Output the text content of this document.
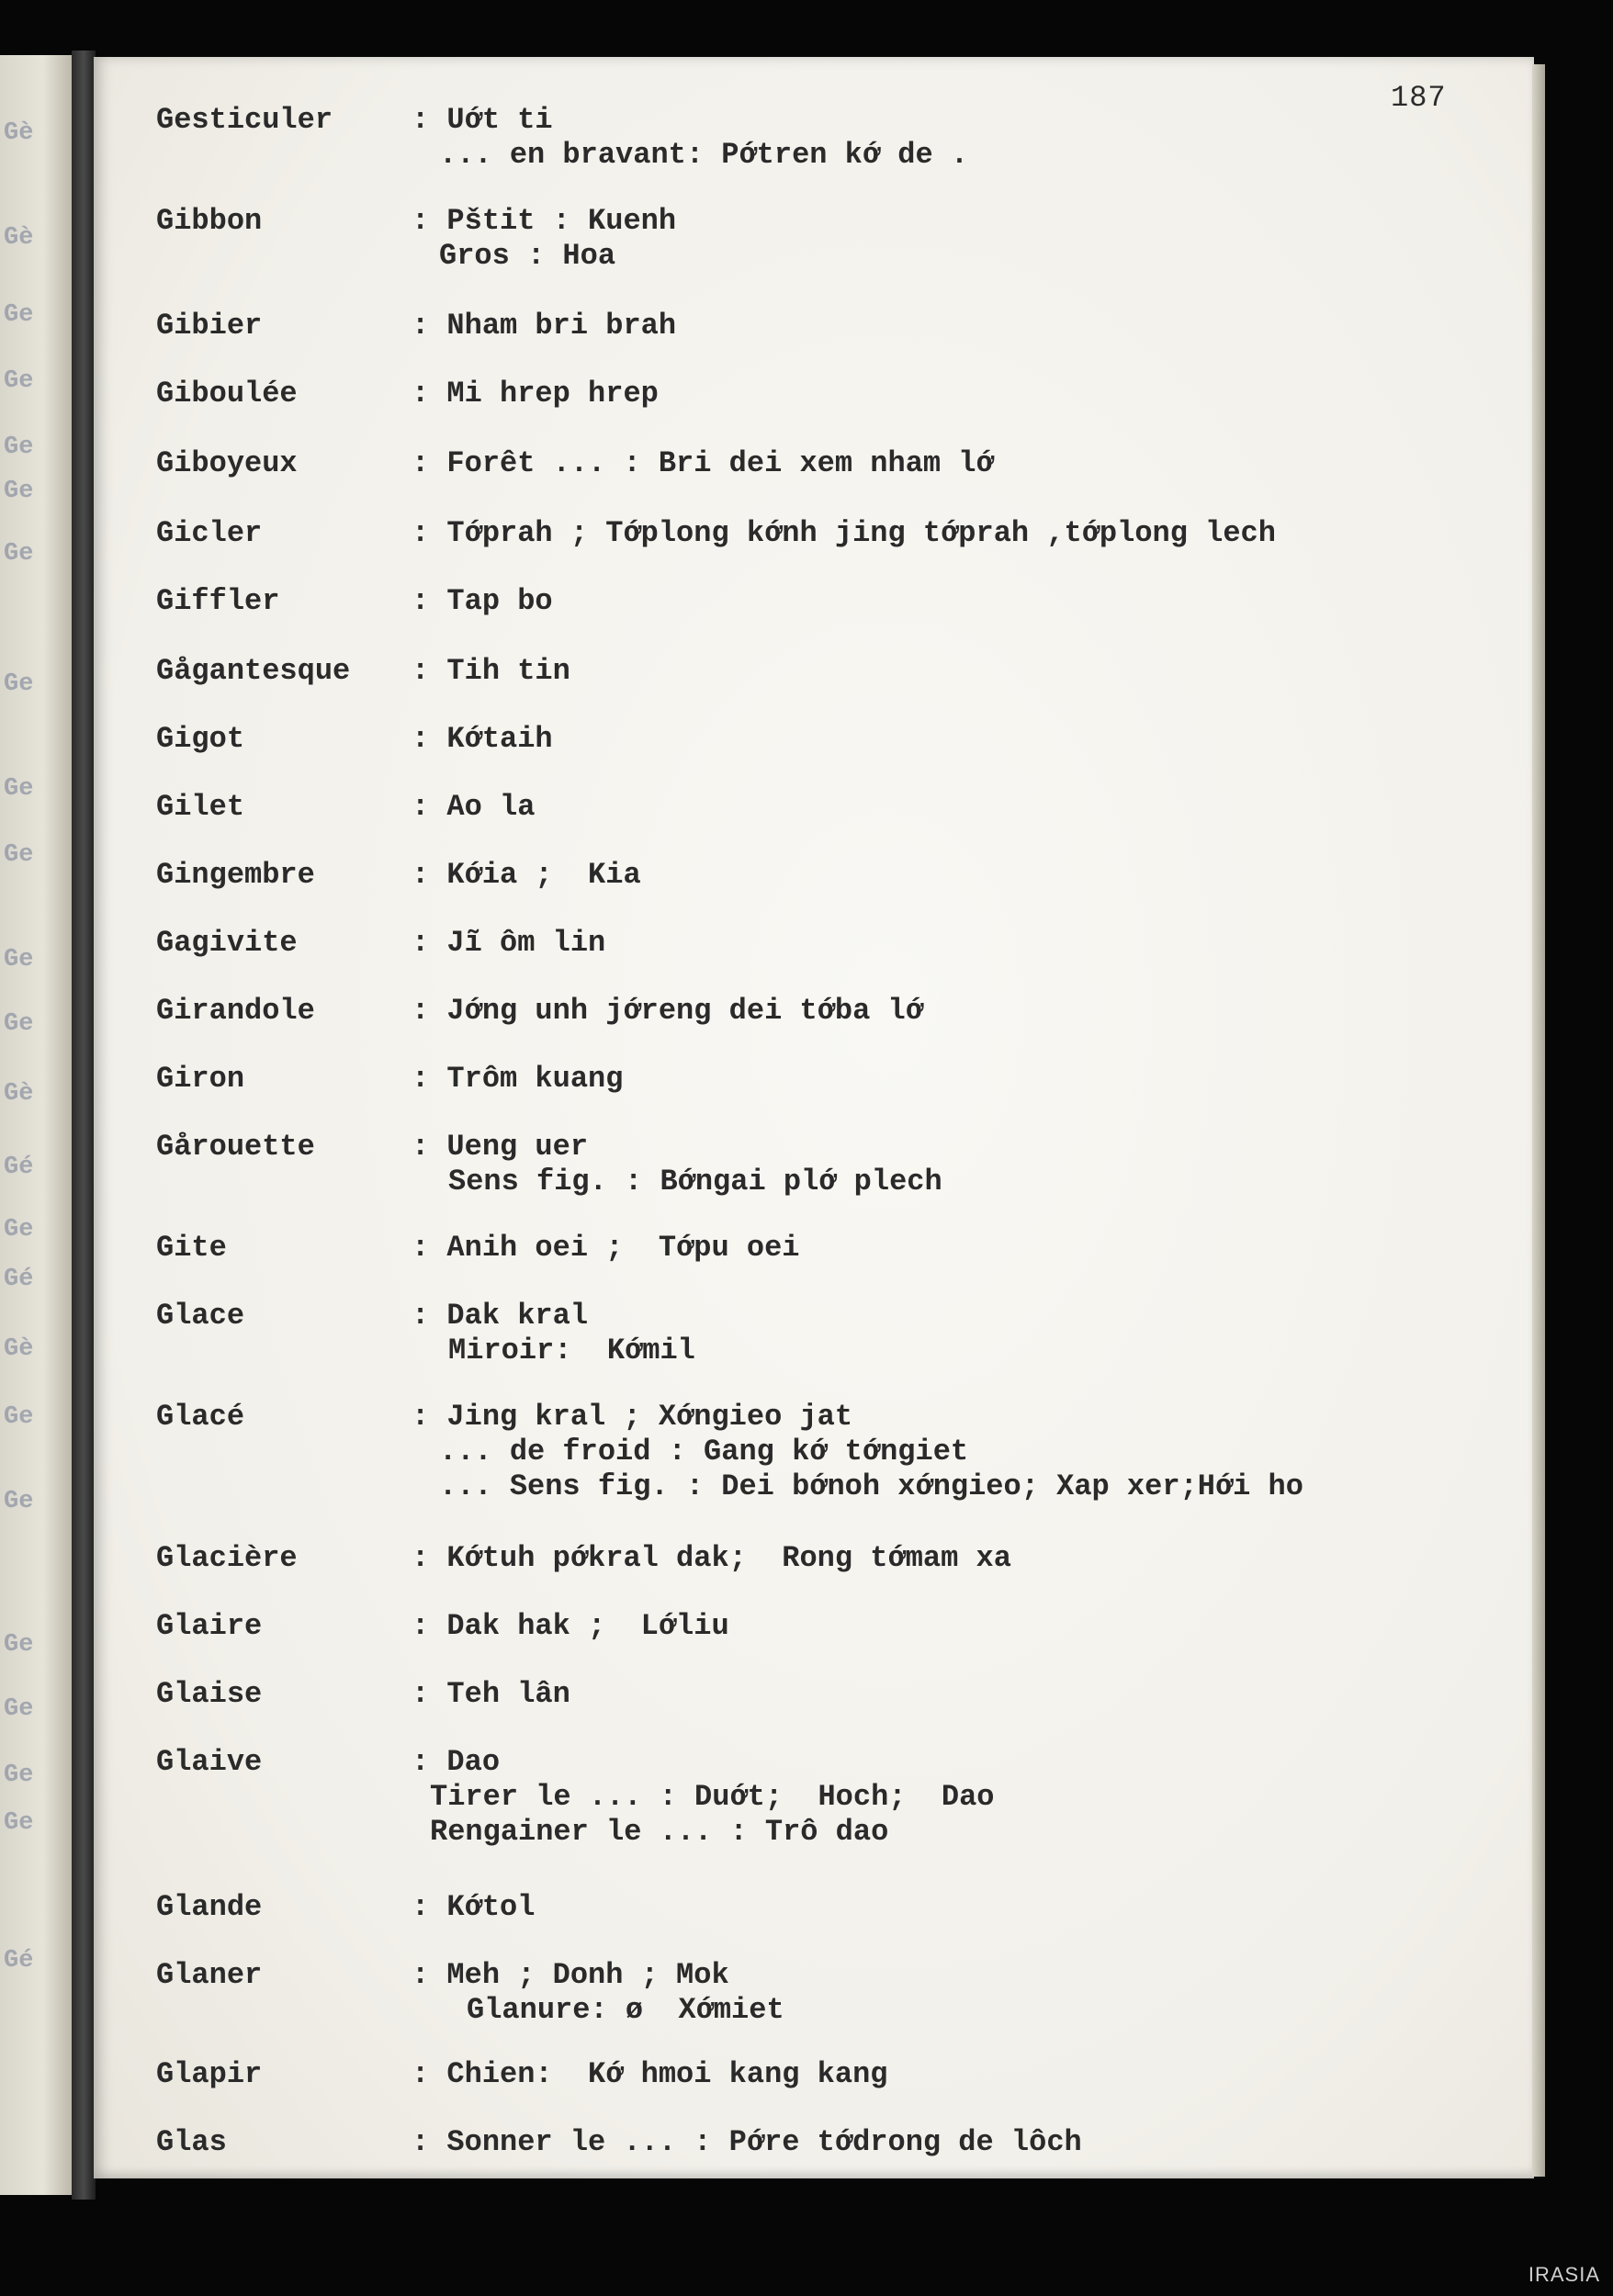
Gè
Gè
Ge
Ge
Ge
Ge
Ge
Ge
Ge
Ge
Ge
Ge
Gè
Gé
Ge
Gé
Gè
Ge
Ge
Ge
Ge
Ge
Ge
Gé
187
Gesticuler	: Uớt ti
... en bravant: Pớtren kớ de .
Gibbon	: Pštit : Kuenh
Gros : Hoa
Gibier	: Nham bri brah
Giboulée	: Mi hrep hrep
Giboyeux	: Forêt ... : Bri dei xem nham lớ
Gicler	: Tớprah ; Tớplong kớnh jing tớprah ,tớplong lech
Giffler	: Tap bo
Gågantesque : Tih tin
Gigot	: Kớtaih
Gilet	: Ao la
Gingembre	: Kớia ;  Kia
Gagivite	: Jĩ ôm lin
Girandole	: Jớng unh jớreng dei tớba lớ
Giron	: Trôm kuang
Gårouette	: Ueng uer
Sens fig. : Bớngai plớ plech
Gite	: Anih oei ;  Tớpu oei
Glace	: Dak kral
Miroir:  Kớmil
Glacé	: Jing kral ; Xớngieo jat
... de froid : Gang kớ tớngiet
... Sens fig. : Dei bớnoh xớngieo; Xap xer;Hới ho
Glacière	: Kớtuh pớkral dak;  Rong tớmam xa
Glaire	: Dak hak ;  Lớliu
Glaise	: Teh lân
Glaive	: Dao
Tirer le ... : Duớt;  Hoch;  Dao
Rengainer le ... : Trô dao
Glande	: Kớtol
Glaner	: Meh ; Donh ; Mok
Glanure: ø  Xớmiet
Glapir	: Chien:  Kớ hmoi kang kang
Glas	: Sonner le ... : Pớre tớdrong de lôch
IRASIA
